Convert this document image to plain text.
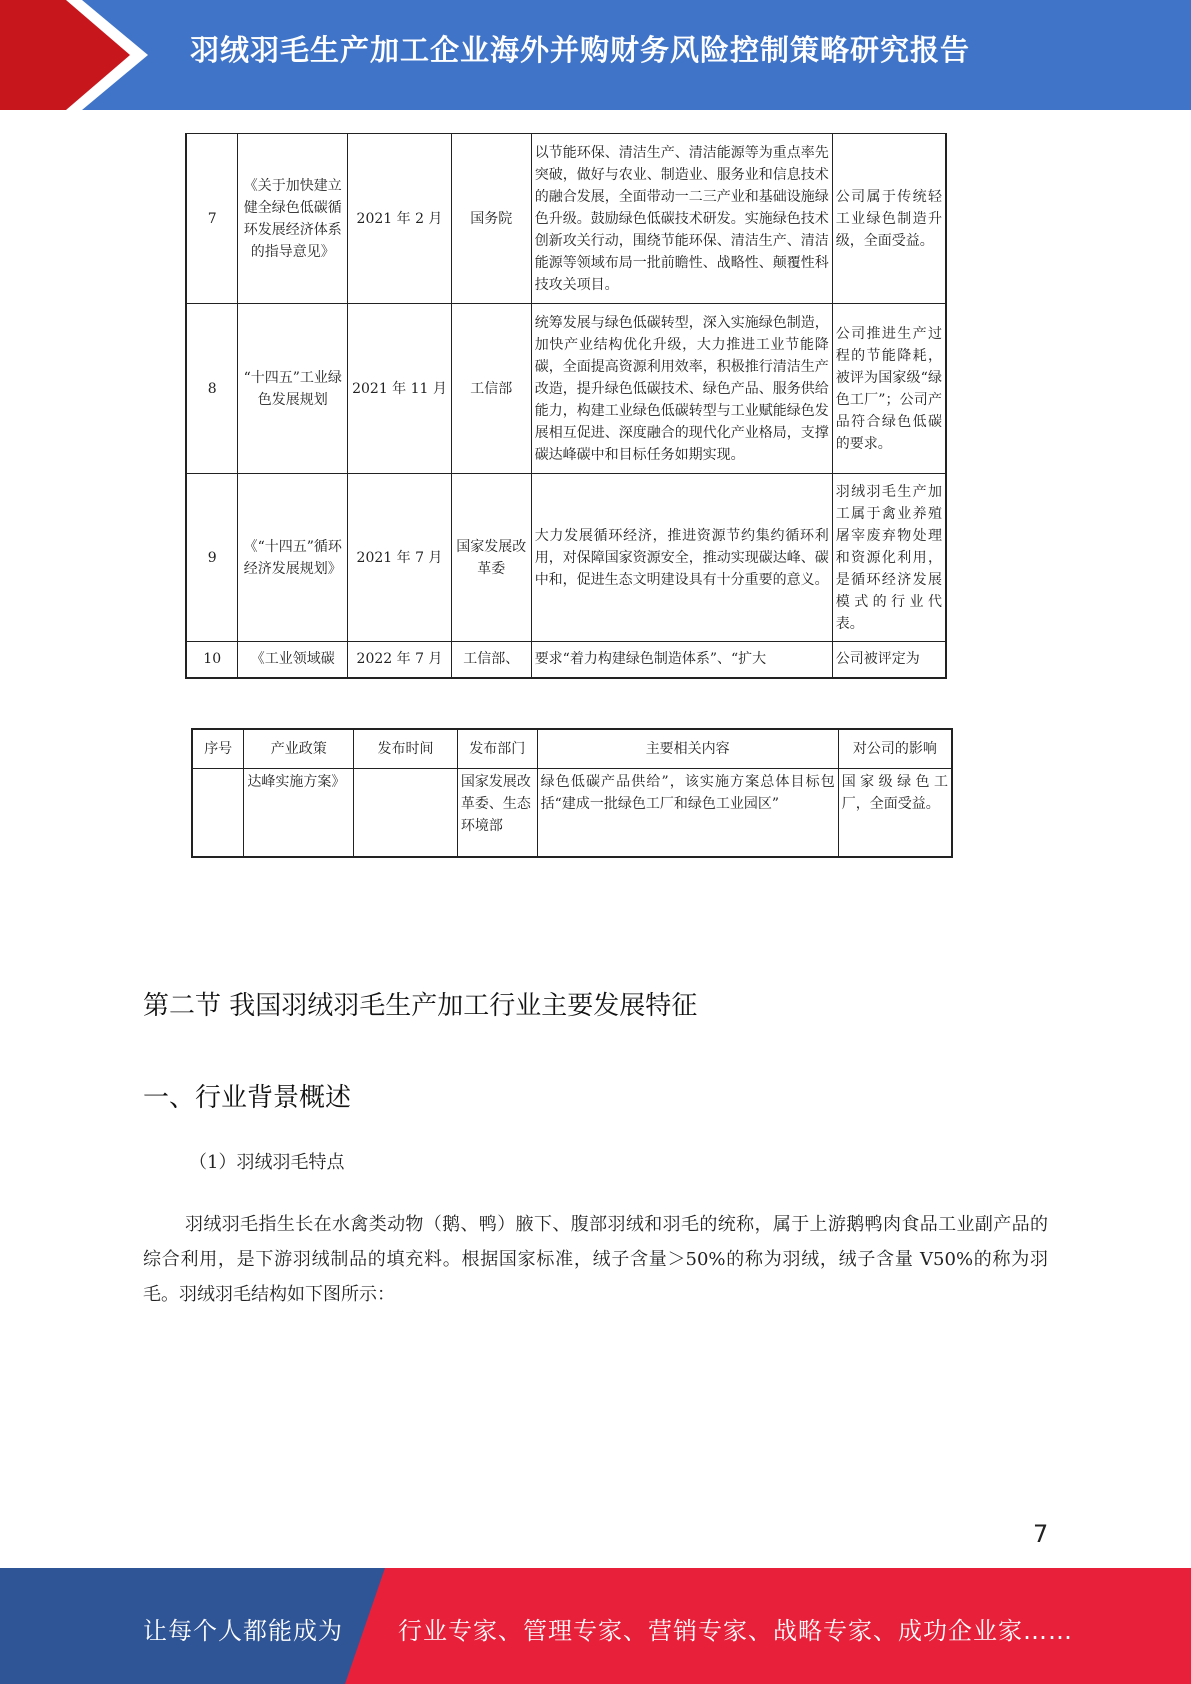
羽绒羽毛生产加工企业海外并购财务风险控制策略研究报告
7	《关于加快建立健全绿色低碳循环发展经济体系的指导意见》	2021 年 2 月	国务院	以节能环保、清洁生产、清洁能源等为重点率先突破，做好与农业、制造业、服务业和信息技术的融合发展，全面带动一二三产业和基础设施绿色升级。鼓励绿色低碳技术研发。实施绿色技术创新攻关行动，围绕节能环保、清洁生产、清洁能源等领域布局一批前瞻性、战略性、颠覆性科技攻关项目。	公司属于传统轻工业绿色制造升级，全面受益。
8	“十四五”工业绿色发展规划	2021 年 11 月	工信部	统筹发展与绿色低碳转型，深入实施绿色制造，加快产业结构优化升级，大力推进工业节能降碳，全面提高资源利用效率，积极推行清洁生产改造，提升绿色低碳技术、绿色产品、服务供给能力，构建工业绿色低碳转型与工业赋能绿色发展相互促进、深度融合的现代化产业格局，支撑碳达峰碳中和目标任务如期实现。	公司推进生产过程的节能降耗，被评为国家级“绿色工厂”；公司产品符合绿色低碳的要求。
9	《“十四五”循环经济发展规划》	2021 年 7 月	国家发展改革委	大力发展循环经济，推进资源节约集约循环利用，对保障国家资源安全，推动实现碳达峰、碳中和，促进生态文明建设具有十分重要的意义。	羽绒羽毛生产加工属于禽业养殖屠宰废弃物处理和资源化利用，是循环经济发展模式的行业代表。
10	《工业领域碳	2022 年 7 月	工信部、	要求“着力构建绿色制造体系”、“扩大	公司被评定为
序号	产业政策	发布时间	发布部门	主要相关内容	对公司的影响
	达峰实施方案》		国家发展改革委、生态环境部	绿色低碳产品供给”，该实施方案总体目标包括“建成一批绿色工厂和绿色工业园区”	国家级绿色工厂，全面受益。
第二节 我国羽绒羽毛生产加工行业主要发展特征
一、行业背景概述
（1）羽绒羽毛特点
羽绒羽毛指生长在水禽类动物（鹅、鸭）腋下、腹部羽绒和羽毛的统称，属于上游鹅鸭肉食品工业副产品的综合利用，是下游羽绒制品的填充料。根据国家标准，绒子含量＞50%的称为羽绒，绒子含量 V50%的称为羽毛。羽绒羽毛结构如下图所示：
7
让每个人都能成为 行业专家、管理专家、营销专家、战略专家、成功企业家……
